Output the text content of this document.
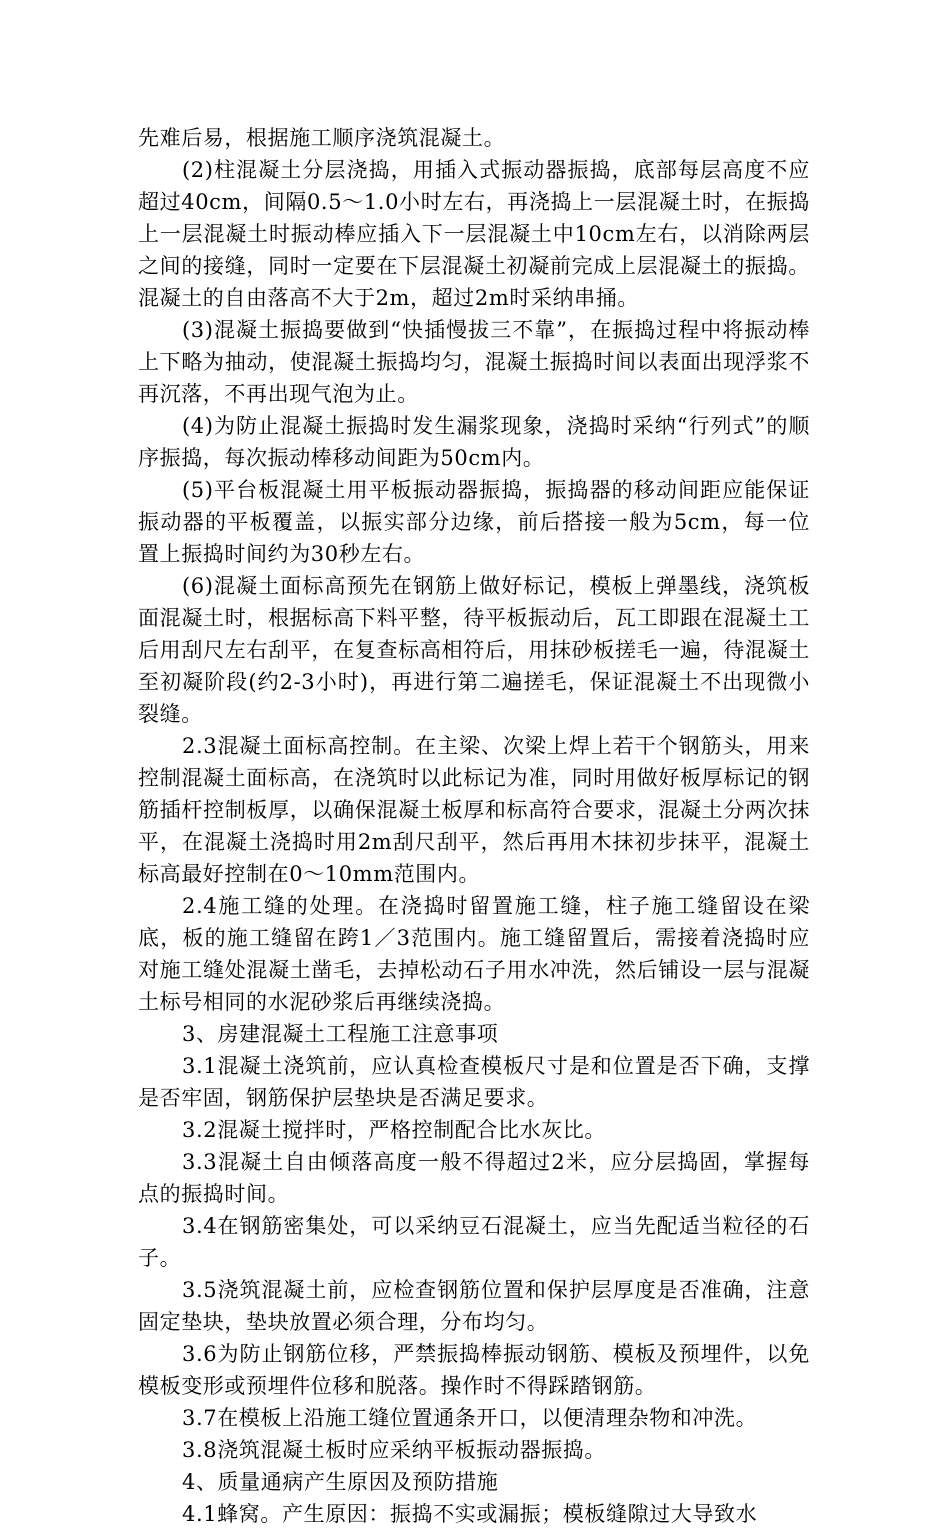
先难后易，根据施工顺序浇筑混凝土。

(2)柱混凝土分层浇捣，用插入式振动器振捣，底部每层高度不应超过40cm，间隔0.5～1.0小时左右，再浇捣上一层混凝土时，在振捣上一层混凝土时振动棒应插入下一层混凝土中10cm左右，以消除两层之间的接缝，同时一定要在下层混凝土初凝前完成上层混凝土的振捣。混凝土的自由落高不大于2m，超过2m时采纳串捅。

(3)混凝土振捣要做到“快插慢拔三不靠”，在振捣过程中将振动棒上下略为抽动，使混凝土振捣均匀，混凝土振捣时间以表面出现浮浆不再沉落，不再出现气泡为止。

(4)为防止混凝土振捣时发生漏浆现象，浇捣时采纳“行列式”的顺序振捣，每次振动棒移动间距为50cm内。

(5)平台板混凝土用平板振动器振捣，振捣器的移动间距应能保证振动器的平板覆盖，以振实部分边缘，前后搭接一般为5cm，每一位置上振捣时间约为30秒左右。

(6)混凝土面标高预先在钢筋上做好标记，模板上弹墨线，浇筑板面混凝土时，根据标高下料平整，待平板振动后，瓦工即跟在混凝土工后用刮尺左右刮平，在复查标高相符后，用抹砂板搓毛一遍，待混凝土至初凝阶段(约2-3小时)，再进行第二遍搓毛，保证混凝土不出现微小裂缝。

2.3混凝土面标高控制。在主梁、次梁上焊上若干个钢筋头，用来控制混凝土面标高，在浇筑时以此标记为准，同时用做好板厚标记的钢筋插杆控制板厚，以确保混凝土板厚和标高符合要求，混凝土分两次抹平，在混凝土浇捣时用2m刮尺刮平，然后再用木抹初步抹平，混凝土标高最好控制在0～10mm范围内。

2.4施工缝的处理。在浇捣时留置施工缝，柱子施工缝留设在梁底，板的施工缝留在跨1／3范围内。施工缝留置后，需接着浇捣时应对施工缝处混凝土凿毛，去掉松动石子用水冲洗，然后铺设一层与混凝土标号相同的水泥砂浆后再继续浇捣。

3、房建混凝土工程施工注意事项

3.1混凝土浇筑前，应认真检查模板尺寸是和位置是否下确，支撑是否牢固，钢筋保护层垫块是否满足要求。

3.2混凝土搅拌时，严格控制配合比水灰比。

3.3混凝土自由倾落高度一般不得超过2米，应分层捣固，掌握每点的振捣时间。

3.4在钢筋密集处，可以采纳豆石混凝土，应当先配适当粒径的石子。

3.5浇筑混凝土前，应检查钢筋位置和保护层厚度是否准确，注意固定垫块，垫块放置必须合理，分布均匀。

3.6为防止钢筋位移，严禁振捣棒振动钢筋、模板及预埋件，以免模板变形或预埋件位移和脱落。操作时不得踩踏钢筋。

3.7在模板上沿施工缝位置通条开口，以便清理杂物和冲洗。

3.8浇筑混凝土板时应采纳平板振动器振捣。

4、质量通病产生原因及预防措施

4.1蜂窝。产生原因：振捣不实或漏振；模板缝隙过大导致水
